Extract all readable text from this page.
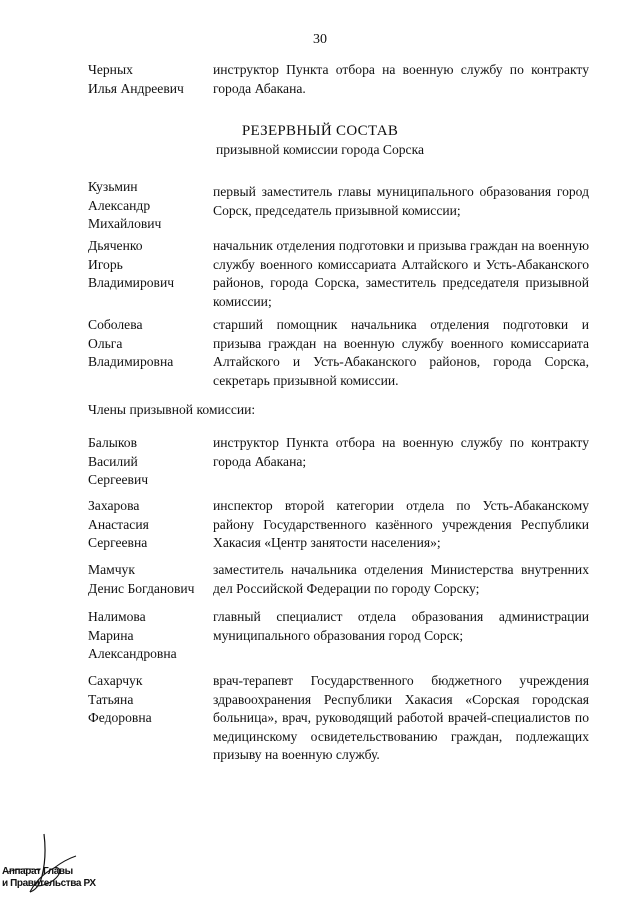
30
Черных
Илья Андреевич
инструктор Пункта отбора на военную службу по контракту города Абакана.
РЕЗЕРВНЫЙ СОСТАВ
призывной комиссии города Сорска
Кузьмин
Александр
Михайлович
первый заместитель главы муниципального образования город Сорск, председатель призывной комиссии;
Дьяченко
Игорь
Владимирович
начальник отделения подготовки и призыва граждан на военную службу военного комиссариата Алтайского и Усть-Абаканского районов, города Сорска, заместитель председателя призывной комиссии;
Соболева
Ольга
Владимировна
старший помощник начальника отделения подготовки и призыва граждан на военную службу военного комиссариата Алтайского и Усть-Абаканского районов, города Сорска, секретарь призывной комиссии.
Члены призывной комиссии:
Балыков
Василий
Сергеевич
инструктор Пункта отбора на военную службу по контракту города Абакана;
Захарова
Анастасия
Сергеевна
инспектор второй категории отдела по Усть-Абаканскому району Государственного казённого учреждения Республики Хакасия «Центр занятости населения»;
Мамчук
Денис Богданович
заместитель начальника отделения Министерства внутренних дел Российской Федерации по городу Сорску;
Налимова
Марина
Александровна
главный специалист отдела образования администрации муниципального образования город Сорск;
Сахарчук
Татьяна
Федоровна
врач-терапевт Государственного бюджетного учреждения здравоохранения Республики Хакасия «Сорская городская больница», врач, руководящий работой врачей-специалистов по медицинскому освидетельствованию граждан, подлежащих призыву на военную службу.
Аппарат Главы
и Правительства РХ
